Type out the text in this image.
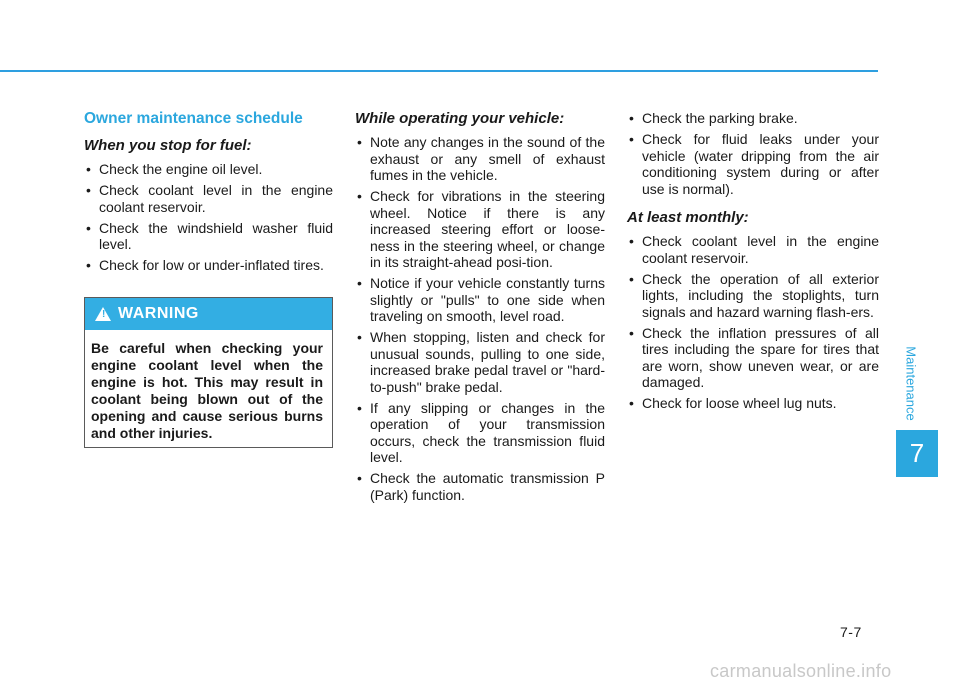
Owner maintenance schedule
When you stop for fuel:
• Check the engine oil level.
• Check coolant level in the engine coolant reservoir.
• Check the windshield washer fluid level.
• Check for low or under-inflated tires.
! WARNING
Be careful when checking your engine coolant level when the engine is hot. This may result in coolant being blown out of the opening and cause serious burns and other injuries.
While operating your vehicle:
• Note any changes in the sound of the exhaust or any smell of exhaust fumes in the vehicle.
• Check for vibrations in the steering wheel. Notice if there is any increased steering effort or loose-ness in the steering wheel, or change in its straight-ahead posi-tion.
• Notice if your vehicle constantly turns slightly or "pulls" to one side when traveling on smooth, level road.
• When stopping, listen and check for unusual sounds, pulling to one side, increased brake pedal travel or "hard-to-push" brake pedal.
• If any slipping or changes in the operation of your transmission occurs, check the transmission fluid level.
• Check the automatic transmission P (Park) function.
• Check the parking brake.
• Check for fluid leaks under your vehicle (water dripping from the air conditioning system during or after use is normal).
At least monthly:
• Check coolant level in the engine coolant reservoir.
• Check the operation of all exterior lights, including the stoplights, turn signals and hazard warning flash-ers.
• Check the inflation pressures of all tires including the spare for tires that are worn, show uneven wear, or are damaged.
• Check for loose wheel lug nuts.	Maintenance
7
7-7
carmanualsonline.info
